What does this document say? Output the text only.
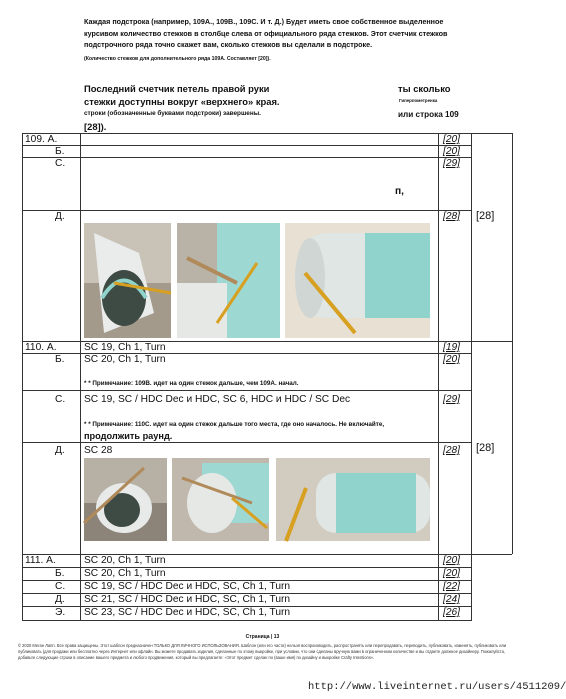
Каждая подстрока (например, 109А., 109В., 109С. И т. Д.) Будет иметь свое собственное выделенное курсивом количество стежков в столбце слева от официального ряда стежков. Этот счетчик стежков подстрочного ряда точно скажет вам, сколько стежков вы сделали в подстроке.
(Количество стежков для дополнительного ряда 109А. Составляет [20]).
Последний счетчик петель правой руки
стежки доступны вокруг «верхнего» края.
строки (обозначенные буквами подстроки) завершены.
[28]).
ты сколько
Гиперпометренка
или строка 109
109. А.	[20]
Б.	[20]
С.	[29]
п,
Д.	[28] [28]
110. А.	SC 19, Ch 1, Turn	[19]
Б. SC 20, Ch 1, Turn	[20]
* * Примечание: 109В. идет на один стежок дальше, чем 109А. начал.
С. SC 19, SC / HDC Dec и HDC, SC 6, HDC и HDC / SC Dec	[29]
* * Примечание: 110С. идет на один стежок дальше того места, где оно началось. Не включайте,
продолжить раунд.
Д. SC 28	[28] [28]
111. А.	SC 20, Ch 1, Turn	[20]
Б. SC 20, Ch 1, Turn	[20]
С. SC 19, SC / HDC Dec и HDC, SC, Ch 1, Turn	[22]
Д. SC 21, SC / HDC Dec и HDC, SC, Ch 1, Turn	[24]
Э. SC 23, SC / HDC Dec и HDC, SC, Ch 1, Turn	[26]
Страница | 13
© 2020 Меган Лапп. Все права защищены. Этот шаблон предназначен ТОЛЬКО ДЛЯ ЛИЧНОГО ИСПОЛЬЗОВАНИЯ. Шаблон (или его части) нельзя воспроизводить, распространять или перепродавать, переводить, публиковать, изменять, публиковать или публиковать (для продажи или бесплатно через Интернет или офлайн. Вы можете продавать изделия, сделанные по этому выкройке, при условии, что они сделаны вручную вами в ограниченном количестве и вы отдаете должное дизайнеру. Пожалуйста, добавьте следующие строки в описание вашего предмета и любого продвижения, который вы предлагаете: «Этот предмет сделан по (ваше имя) по дизайну и выкройке Crafty Intentions».
http://www.liveinternet.ru/users/4511209/
